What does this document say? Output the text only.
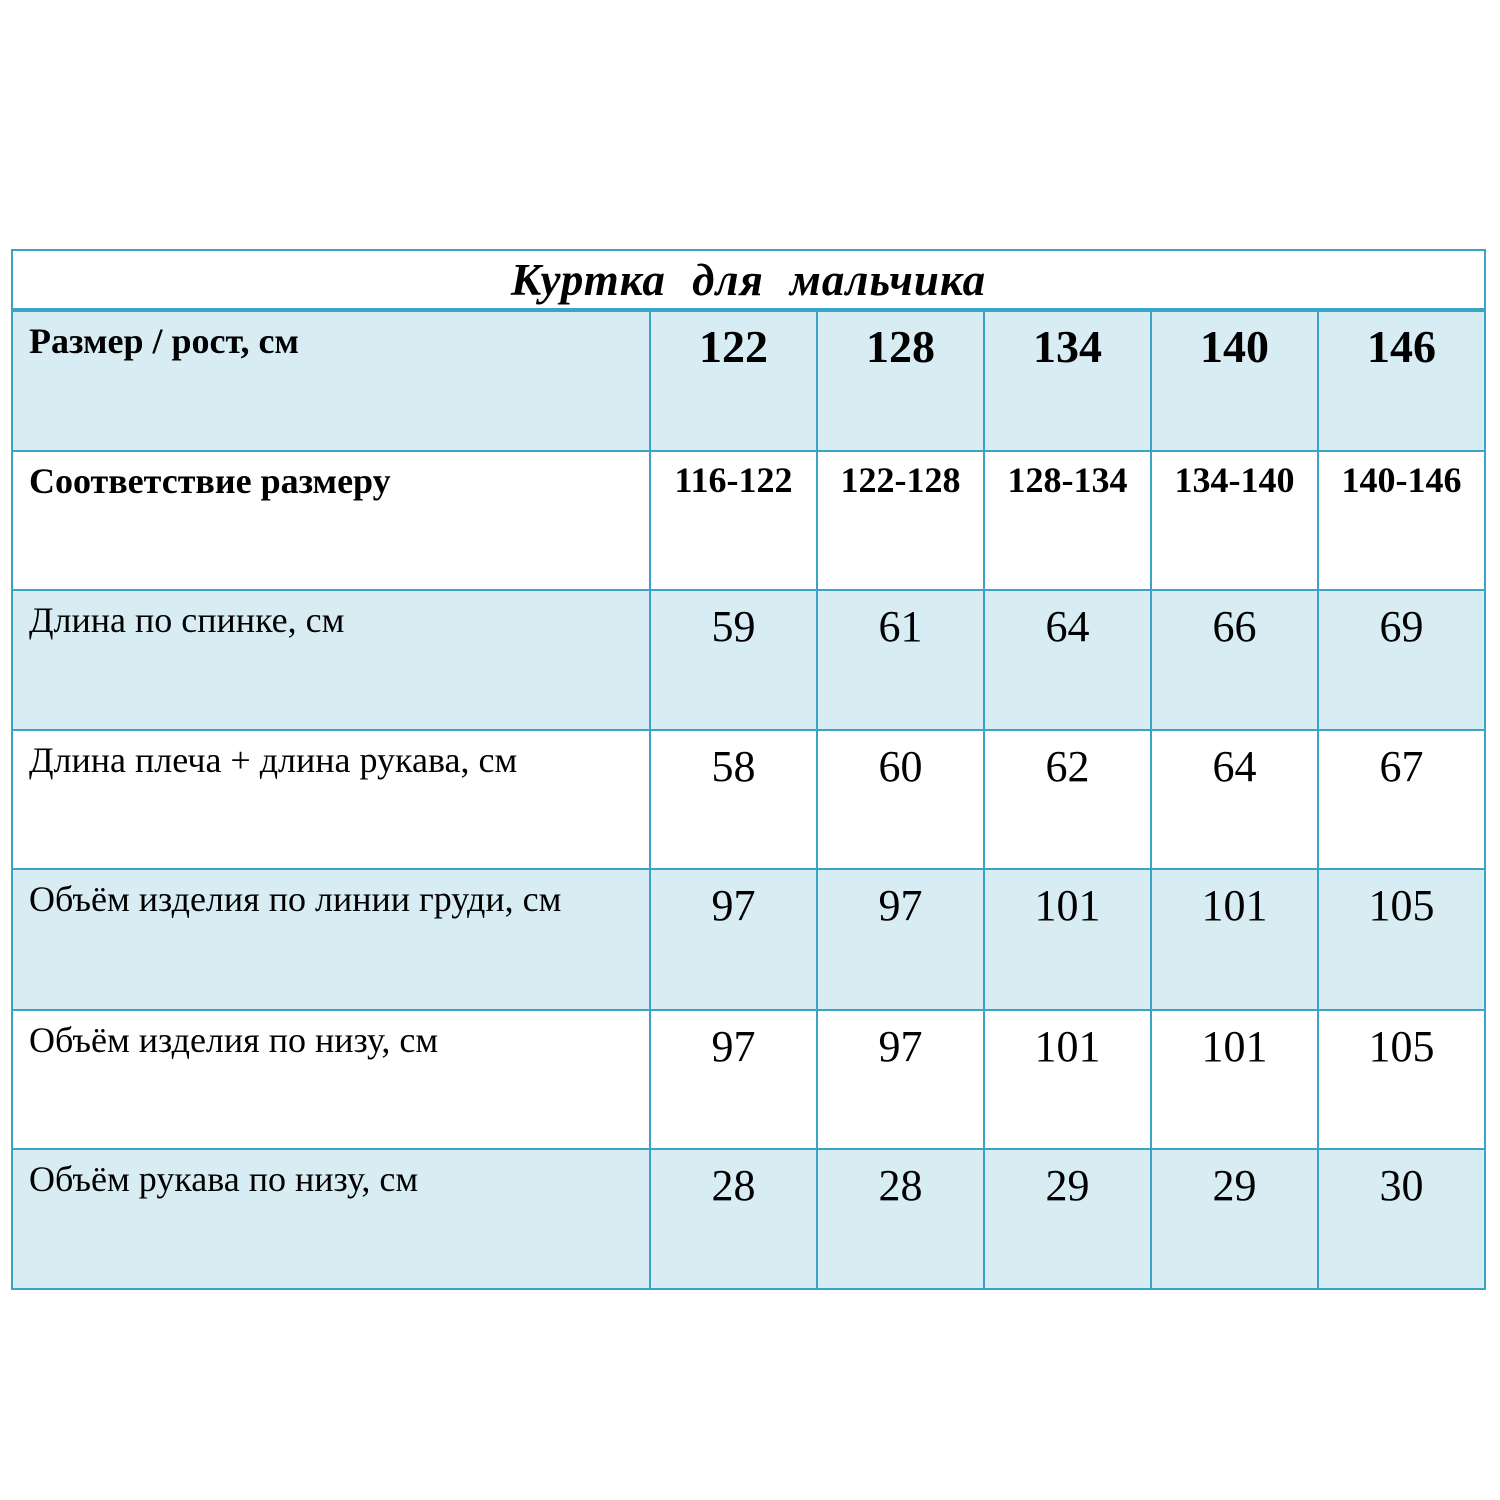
Куртка для мальчика					
Размер / рост, см	122	128	134	140	146
Соответствие размеру	116-122	122-128	128-134	134-140	140-146
Длина по спинке, см	59	61	64	66	69
Длина плеча + длина рукава, см	58	60	62	64	67
Объём изделия по линии груди, см	97	97	101	101	105
Объём изделия по низу, см	97	97	101	101	105
Объём рукава по низу, см	28	28	29	29	30
